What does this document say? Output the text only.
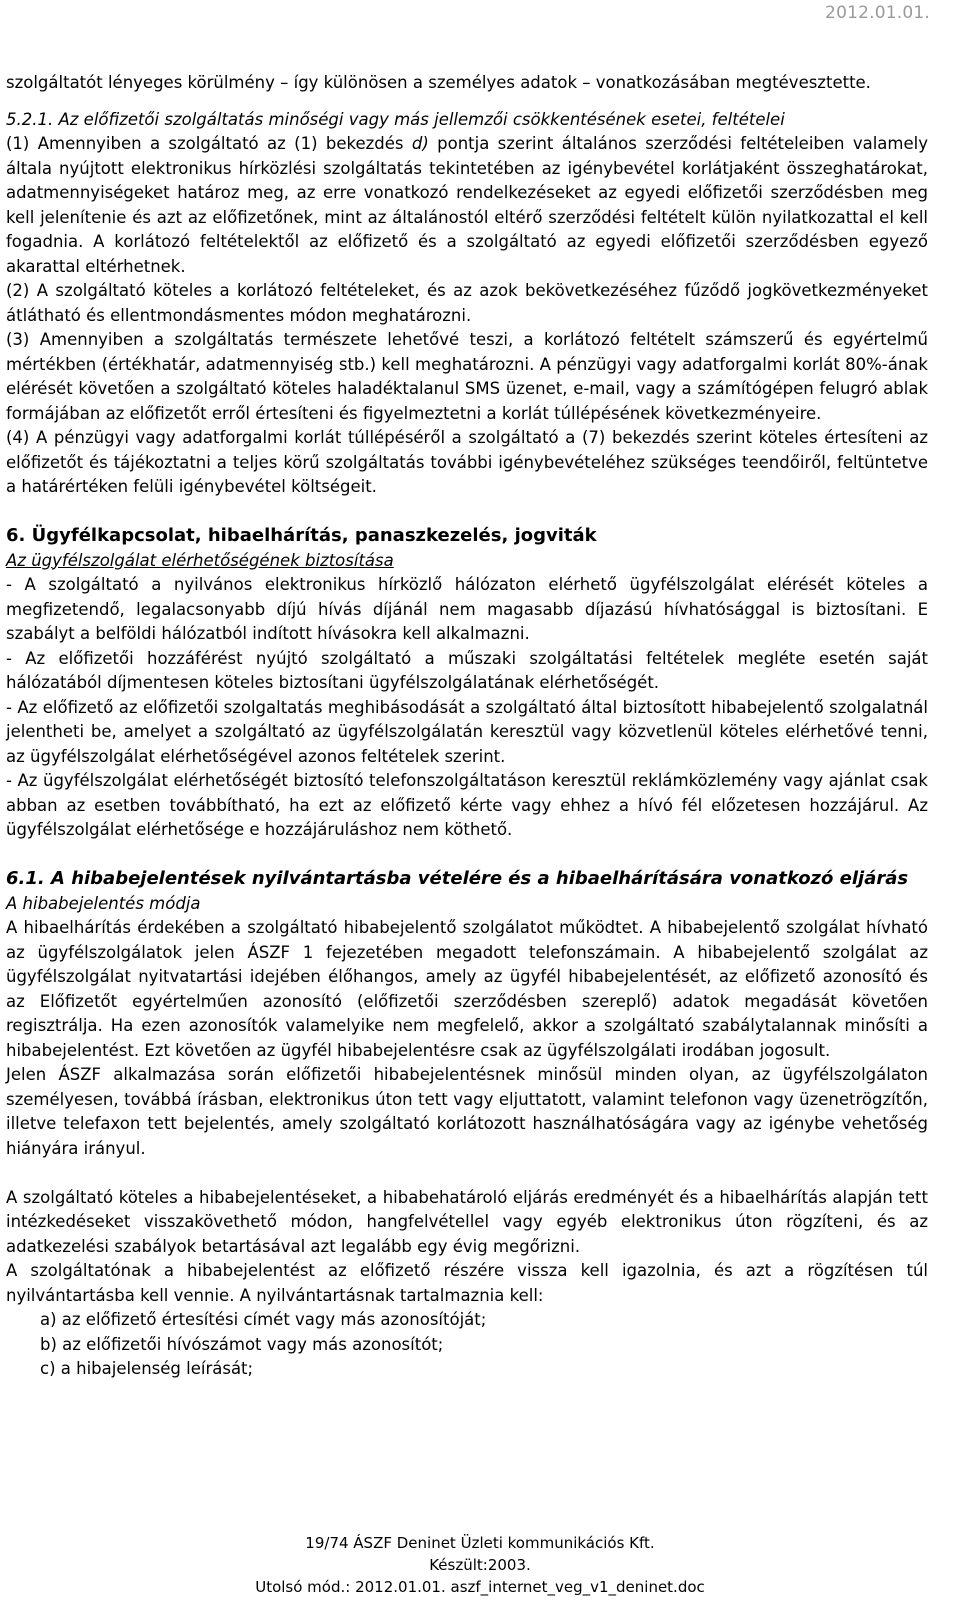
2012.01.01.

szolgáltatót lényeges körülmény – így különösen a személyes adatok – vonatkozásában megtévesztette.

5.2.1. Az előfizetői szolgáltatás minőségi vagy más jellemzői csökkentésének esetei, feltételei

(1) Amennyiben a szolgáltató az (1) bekezdés d) pontja szerint általános szerződési feltételeiben valamely általa nyújtott elektronikus hírközlési szolgáltatás tekintetében az igénybevétel korlátjaként összeghatárokat, adatmennyiségeket határoz meg, az erre vonatkozó rendelkezéseket az egyedi előfizetői szerződésben meg kell jelenítenie és azt az előfizetőnek, mint az általánostól eltérő szerződési feltételt külön nyilatkozattal el kell fogadnia. A korlátozó feltételektől az előfizető és a szolgáltató az egyedi előfizetői szerződésben egyező akarattal eltérhetnek.

(2) A szolgáltató köteles a korlátozó feltételeket, és az azok bekövetkezéséhez fűződő jogkövetkezményeket átlátható és ellentmondásmentes módon meghatározni.

(3) Amennyiben a szolgáltatás természete lehetővé teszi, a korlátozó feltételt számszerű és egyértelmű mértékben (értékhatár, adatmennyiség stb.) kell meghatározni. A pénzügyi vagy adatforgalmi korlát 80%-ának elérését követően a szolgáltató köteles haladéktalanul SMS üzenet, e-mail, vagy a számítógépen felugró ablak formájában az előfizetőt erről értesíteni és figyelmeztetni a korlát túllépésének következményeire.

(4) A pénzügyi vagy adatforgalmi korlát túllépéséről a szolgáltató a (7) bekezdés szerint köteles értesíteni az előfizetőt és tájékoztatni a teljes körű szolgáltatás további igénybevételéhez szükséges teendőiről, feltüntetve a határértéken felüli igénybevétel költségeit.

6. Ügyfélkapcsolat, hibaelhárítás, panaszkezelés, jogviták

Az ügyfélszolgálat elérhetőségének biztosítása

- A szolgáltató a nyilvános elektronikus hírközlő hálózaton elérhető ügyfélszolgálat elérését köteles a megfizetendő, legalacsonyabb díjú hívás díjánál nem magasabb díjazású hívhatósággal is biztosítani. E szabályt a belföldi hálózatból indított hívásokra kell alkalmazni.

- Az előfizetői hozzáférést nyújtó szolgáltató a műszaki szolgáltatási feltételek megléte esetén saját hálózatából díjmentesen köteles biztosítani ügyfélszolgálatának elérhetőségét.

- Az előfizető az előfizetői szolgaltatás meghibásodását a szolgáltató által biztosított hibabejelentő szolgalatnál jelentheti be, amelyet a szolgáltató az ügyfélszolgálatán keresztül vagy közvetlenül köteles elérhetővé tenni, az ügyfélszolgálat elérhetőségével azonos feltételek szerint.

- Az ügyfélszolgálat elérhetőségét biztosító telefonszolgáltatáson keresztül reklámközlemény vagy ajánlat csak abban az esetben továbbítható, ha ezt az előfizető kérte vagy ehhez a hívó fél előzetesen hozzájárul. Az ügyfélszolgálat elérhetősége e hozzájáruláshoz nem köthető.

6.1. A hibabejelentések nyilvántartásba vételére és a hibaelhárítására vonatkozó eljárás

A hibabejelentés módja

A hibaelhárítás érdekében a szolgáltató hibabejelentő szolgálatot működtet. A hibabejelentő szolgálat hívható az ügyfélszolgálatok jelen ÁSZF 1 fejezetében megadott telefonszámain. A hibabejelentő szolgálat az ügyfélszolgálat nyitvatartási idejében élőhangos, amely az ügyfél hibabejelentését, az előfizető azonosító és az Előfizetőt egyértelműen azonosító (előfizetői szerződésben szereplő) adatok megadását követően regisztrálja. Ha ezen azonosítók valamelyike nem megfelelő, akkor a szolgáltató szabálytalannak minősíti a hibabejelentést. Ezt követően az ügyfél hibabejelentésre csak az ügyfélszolgálati irodában jogosult.

Jelen ÁSZF alkalmazása során előfizetői hibabejelentésnek minősül minden olyan, az ügyfélszolgálaton személyesen, továbbá írásban, elektronikus úton tett vagy eljuttatott, valamint telefonon vagy üzenetrögzítőn, illetve telefaxon tett bejelentés, amely szolgáltató korlátozott használhatóságára vagy az igénybe vehetőség hiányára irányul.

A szolgáltató köteles a hibabejelentéseket, a hibabehatároló eljárás eredményét és a hibaelhárítás alapján tett intézkedéseket visszakövethető módon, hangfelvétellel vagy egyéb elektronikus úton rögzíteni, és az adatkezelési szabályok betartásával azt legalább egy évig megőrizni.

A szolgáltatónak a hibabejelentést az előfizető részére vissza kell igazolnia, és azt a rögzítésen túl nyilvántartásba kell vennie. A nyilvántartásnak tartalmaznia kell:

a) az előfizető értesítési címét vagy más azonosítóját;
b) az előfizetői hívószámot vagy más azonosítót;
c) a hibajelenség leírását;
19/74 ÁSZF Deninet Üzleti kommunikációs Kft.
Készült:2003.
Utolsó mód.: 2012.01.01. aszf_internet_veg_v1_deninet.doc
